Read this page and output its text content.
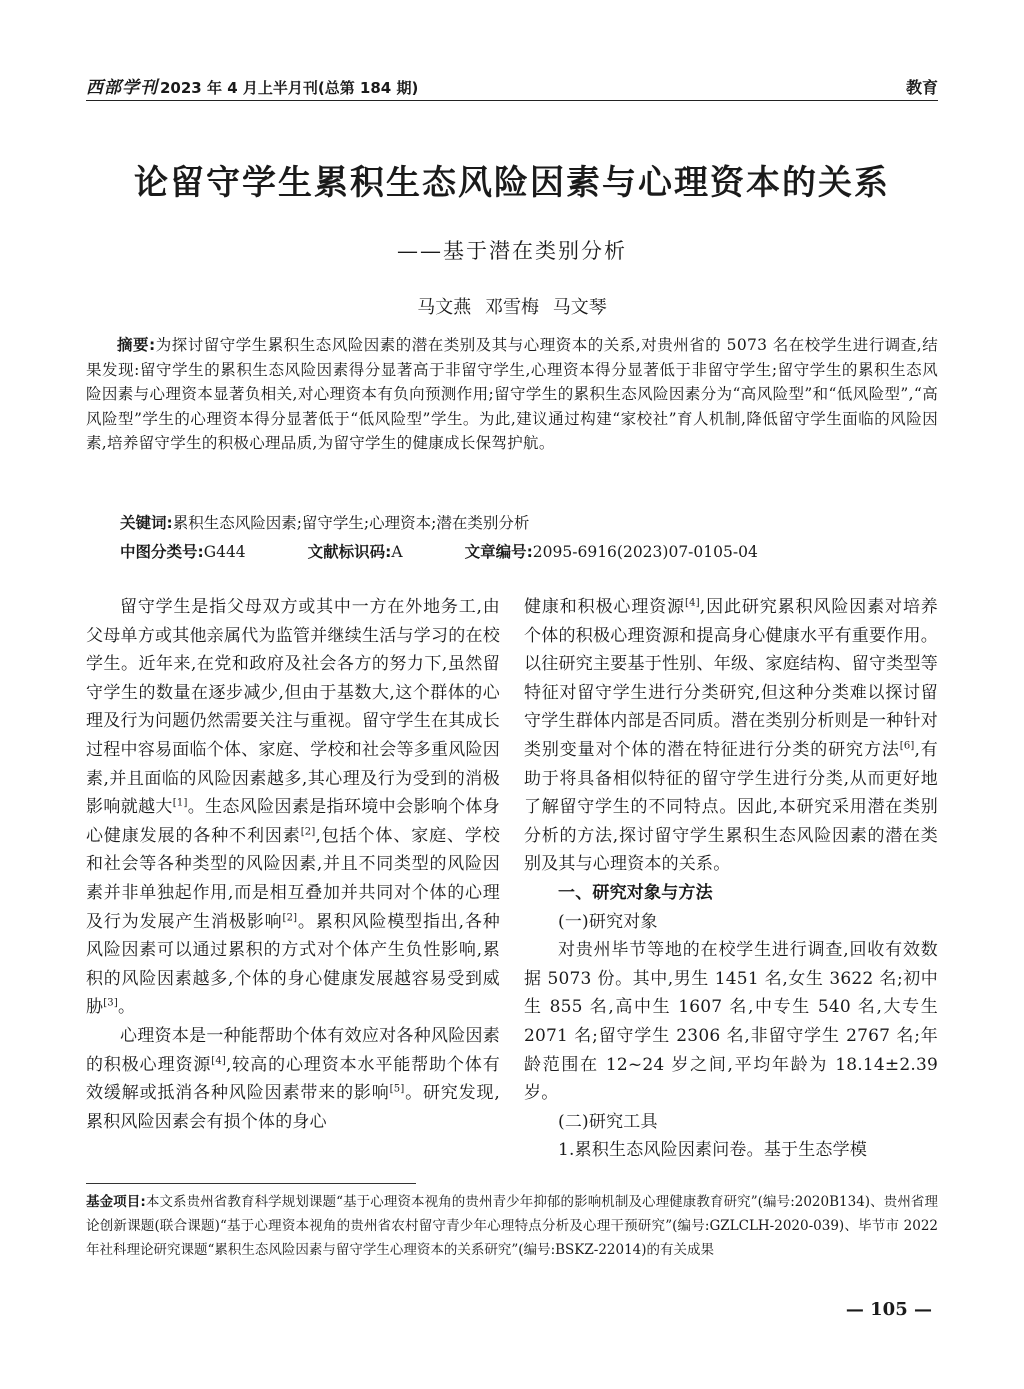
西部学刊 2023 年 4 月上半月刊(总第 184 期)	教育
论留守学生累积生态风险因素与心理资本的关系
——基于潜在类别分析
马文燕 邓雪梅 马文琴
摘要:为探讨留守学生累积生态风险因素的潜在类别及其与心理资本的关系,对贵州省的 5073 名在校学生进行调查,结果发现:留守学生的累积生态风险因素得分显著高于非留守学生,心理资本得分显著低于非留守学生;留守学生的累积生态风险因素与心理资本显著负相关,对心理资本有负向预测作用;留守学生的累积生态风险因素分为“高风险型”和“低风险型”,“高风险型”学生的心理资本得分显著低于“低风险型”学生。为此,建议通过构建“家校社”育人机制,降低留守学生面临的风险因素,培养留守学生的积极心理品质,为留守学生的健康成长保驾护航。
关键词:累积生态风险因素;留守学生;心理资本;潜在类别分析
中图分类号:G444	文献标识码:A	文章编号:2095-6916(2023)07-0105-04

留守学生是指父母双方或其中一方在外地务工,由父母单方或其他亲属代为监管并继续生活与学习的在校学生。近年来,在党和政府及社会各方的努力下,虽然留守学生的数量在逐步减少,但由于基数大,这个群体的心理及行为问题仍然需要关注与重视。留守学生在其成长过程中容易面临个体、家庭、学校和社会等多重风险因素,并且面临的风险因素越多,其心理及行为受到的消极影响就越大[1]。生态风险因素是指环境中会影响个体身心健康发展的各种不利因素[2],包括个体、家庭、学校和社会等各种类型的风险因素,并且不同类型的风险因素并非单独起作用,而是相互叠加并共同对个体的心理及行为发展产生消极影响[2]。累积风险模型指出,各种风险因素可以通过累积的方式对个体产生负性影响,累积的风险因素越多,个体的身心健康发展越容易受到威胁[3]。

心理资本是一种能帮助个体有效应对各种风险因素的积极心理资源[4],较高的心理资本水平能帮助个体有效缓解或抵消各种风险因素带来的影响[5]。研究发现,累积风险因素会有损个体的身心

健康和积极心理资源[4],因此研究累积风险因素对培养个体的积极心理资源和提高身心健康水平有重要作用。以往研究主要基于性别、年级、家庭结构、留守类型等特征对留守学生进行分类研究,但这种分类难以探讨留守学生群体内部是否同质。潜在类别分析则是一种针对类别变量对个体的潜在特征进行分类的研究方法[6],有助于将具备相似特征的留守学生进行分类,从而更好地了解留守学生的不同特点。因此,本研究采用潜在类别分析的方法,探讨留守学生累积生态风险因素的潜在类别及其与心理资本的关系。

一、研究对象与方法
(一)研究对象

对贵州毕节等地的在校学生进行调查,回收有效数据 5073 份。其中,男生 1451 名,女生 3622 名;初中生 855 名,高中生 1607 名,中专生 540 名,大专生 2071 名;留守学生 2306 名,非留守学生 2767 名;年龄范围在 12~24 岁之间,平均年龄为 18.14±2.39 岁。

(二)研究工具

1.累积生态风险因素问卷。基于生态学模

基金项目:本文系贵州省教育科学规划课题“基于心理资本视角的贵州青少年抑郁的影响机制及心理健康教育研究”(编号:2020B134)、贵州省理论创新课题(联合课题)“基于心理资本视角的贵州省农村留守青少年心理特点分析及心理干预研究”(编号:GZLCLH-2020-039)、毕节市 2022 年社科理论研究课题“累积生态风险因素与留守学生心理资本的关系研究”(编号:BSKZ-22014)的有关成果
— 105 —
